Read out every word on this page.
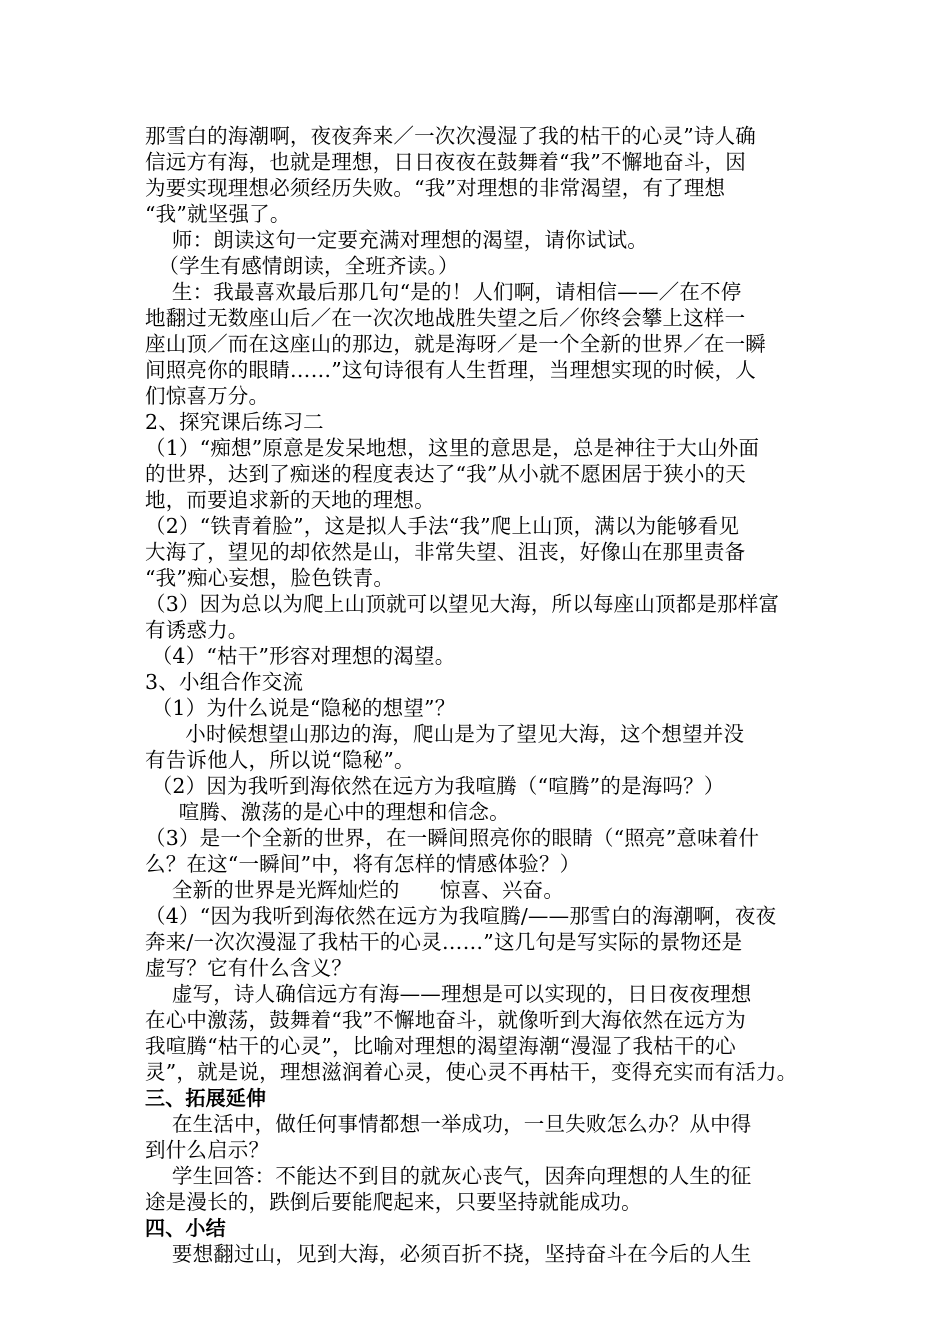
那雪白的海潮啊，夜夜奔来／一次次漫湿了我的枯干的心灵”诗人确
信远方有海，也就是理想，日日夜夜在鼓舞着“我”不懈地奋斗，因
为要实现理想必须经历失败。“我”对理想的非常渴望，有了理想
“我”就坚强了。
师：朗读这句一定要充满对理想的渴望，请你试试。
（学生有感情朗读，全班齐读。）
生：我最喜欢最后那几句“是的！人们啊，请相信——／在不停
地翻过无数座山后／在一次次地战胜失望之后／你终会攀上这样一
座山顶／而在这座山的那边，就是海呀／是一个全新的世界／在一瞬
间照亮你的眼睛……”这句诗很有人生哲理，当理想实现的时候，人
们惊喜万分。
2、探究课后练习二
（1）“痴想”原意是发呆地想，这里的意思是，总是神往于大山外面
的世界，达到了痴迷的程度表达了“我”从小就不愿困居于狭小的天
地，而要追求新的天地的理想。
（2）“铁青着脸”，这是拟人手法“我”爬上山顶，满以为能够看见
大海了，望见的却依然是山，非常失望、沮丧，好像山在那里责备
“我”痴心妄想，脸色铁青。
（3）因为总以为爬上山顶就可以望见大海，所以每座山顶都是那样富
有诱惑力。
（4）“枯干”形容对理想的渴望。
3、小组合作交流
（1）为什么说是“隐秘的想望”？
小时候想望山那边的海，爬山是为了望见大海，这个想望并没
有告诉他人，所以说“隐秘”。
（2）因为我听到海依然在远方为我喧腾（“喧腾”的是海吗？）
喧腾、激荡的是心中的理想和信念。
（3）是一个全新的世界，在一瞬间照亮你的眼睛（“照亮”意味着什
么？在这“一瞬间”中，将有怎样的情感体验？）
全新的世界是光辉灿烂的      惊喜、兴奋。
（4）“因为我听到海依然在远方为我喧腾/——那雪白的海潮啊，夜夜
奔来/一次次漫湿了我枯干的心灵……”这几句是写实际的景物还是
虚写？它有什么含义？
虚写，诗人确信远方有海——理想是可以实现的，日日夜夜理想
在心中激荡，鼓舞着“我”不懈地奋斗，就像听到大海依然在远方为
我喧腾“枯干的心灵”，比喻对理想的渴望海潮“漫湿了我枯干的心
灵”，就是说，理想滋润着心灵，使心灵不再枯干，变得充实而有活力。
三、拓展延伸
在生活中，做任何事情都想一举成功，一旦失败怎么办？从中得
到什么启示？
学生回答：不能达不到目的就灰心丧气，因奔向理想的人生的征
途是漫长的，跌倒后要能爬起来，只要坚持就能成功。
四、小结
要想翻过山，见到大海，必须百折不挠，坚持奋斗在今后的人生
